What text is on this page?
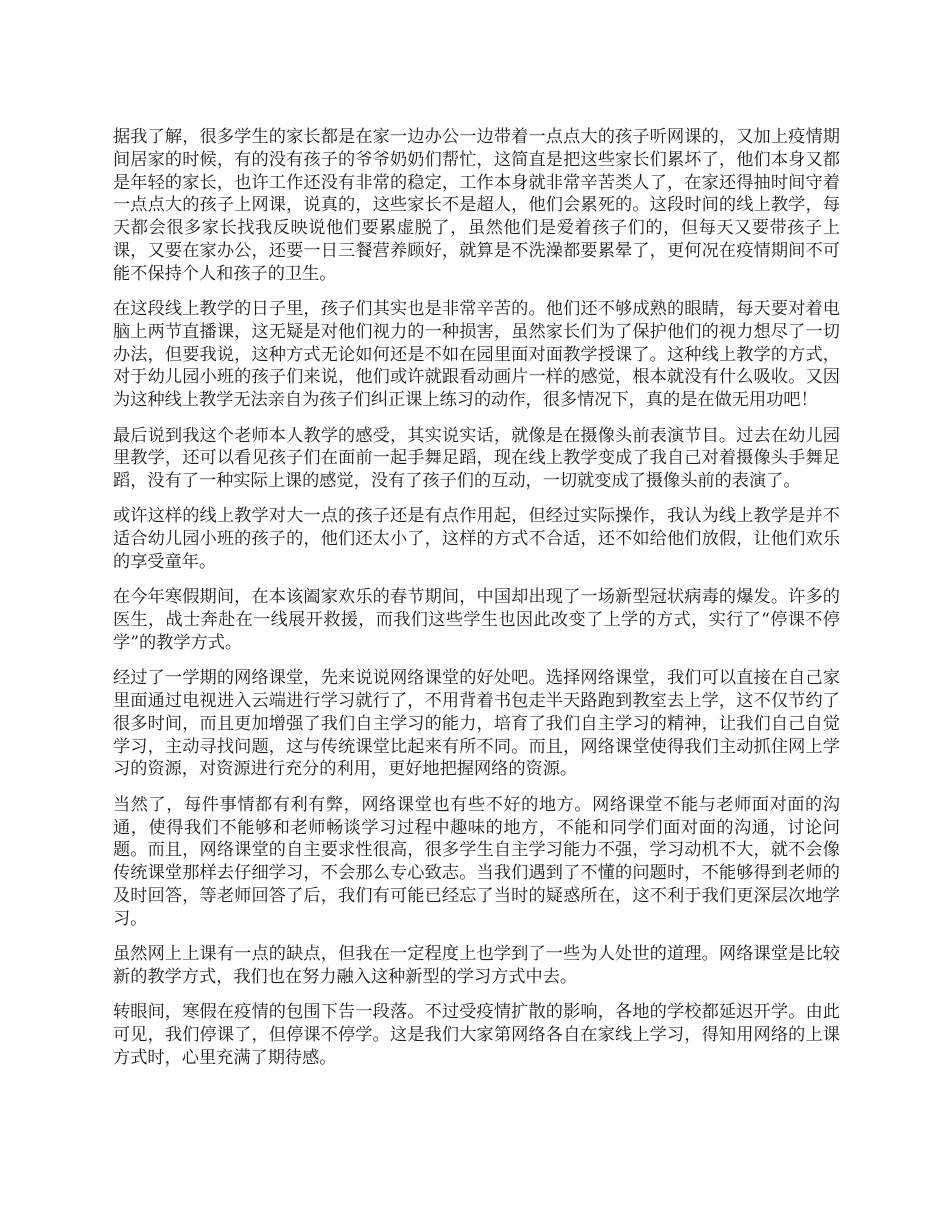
据我了解，很多学生的家长都是在家一边办公一边带着一点点大的孩子听网课的，又加上疫情期间居家的时候，有的没有孩子的爷爷奶奶们帮忙，这简直是把这些家长们累坏了，他们本身又都是年轻的家长，也许工作还没有非常的稳定，工作本身就非常辛苦类人了，在家还得抽时间守着一点点大的孩子上网课，说真的，这些家长不是超人，他们会累死的。这段时间的线上教学，每天都会很多家长找我反映说他们要累虚脱了，虽然他们是爱着孩子们的，但每天又要带孩子上课，又要在家办公，还要一日三餐营养顾好，就算是不洗澡都要累晕了，更何况在疫情期间不可能不保持个人和孩子的卫生。

在这段线上教学的日子里，孩子们其实也是非常辛苦的。他们还不够成熟的眼睛，每天要对着电脑上两节直播课，这无疑是对他们视力的一种损害，虽然家长们为了保护他们的视力想尽了一切办法，但要我说，这种方式无论如何还是不如在园里面对面教学授课了。这种线上教学的方式，对于幼儿园小班的孩子们来说，他们或许就跟看动画片一样的感觉，根本就没有什么吸收。又因为这种线上教学无法亲自为孩子们纠正课上练习的动作，很多情况下，真的是在做无用功吧！

最后说到我这个老师本人教学的感受，其实说实话，就像是在摄像头前表演节目。过去在幼儿园里教学，还可以看见孩子们在面前一起手舞足蹈，现在线上教学变成了我自己对着摄像头手舞足蹈，没有了一种实际上课的感觉，没有了孩子们的互动，一切就变成了摄像头前的表演了。

或许这样的线上教学对大一点的孩子还是有点作用起，但经过实际操作，我认为线上教学是并不适合幼儿园小班的孩子的，他们还太小了，这样的方式不合适，还不如给他们放假，让他们欢乐的享受童年。

在今年寒假期间，在本该阖家欢乐的春节期间，中国却出现了一场新型冠状病毒的爆发。许多的医生，战士奔赴在一线展开救援，而我们这些学生也因此改变了上学的方式，实行了“停课不停学”的教学方式。

经过了一学期的网络课堂，先来说说网络课堂的好处吧。选择网络课堂，我们可以直接在自己家里面通过电视进入云端进行学习就行了，不用背着书包走半天路跑到教室去上学，这不仅节约了很多时间，而且更加增强了我们自主学习的能力，培育了我们自主学习的精神，让我们自己自觉学习，主动寻找问题，这与传统课堂比起来有所不同。而且，网络课堂使得我们主动抓住网上学习的资源，对资源进行充分的利用，更好地把握网络的资源。

当然了，每件事情都有利有弊，网络课堂也有些不好的地方。网络课堂不能与老师面对面的沟通，使得我们不能够和老师畅谈学习过程中趣味的地方，不能和同学们面对面的沟通，讨论问题。而且，网络课堂的自主要求性很高，很多学生自主学习能力不强，学习动机不大，就不会像传统课堂那样去仔细学习，不会那么专心致志。当我们遇到了不懂的问题时，不能够得到老师的及时回答，等老师回答了后，我们有可能已经忘了当时的疑惑所在，这不利于我们更深层次地学习。

虽然网上上课有一点的缺点，但我在一定程度上也学到了一些为人处世的道理。网络课堂是比较新的教学方式，我们也在努力融入这种新型的学习方式中去。

转眼间，寒假在疫情的包围下告一段落。不过受疫情扩散的影响，各地的学校都延迟开学。由此可见，我们停课了，但停课不停学。这是我们大家第网络各自在家线上学习，得知用网络的上课方式时，心里充满了期待感。
